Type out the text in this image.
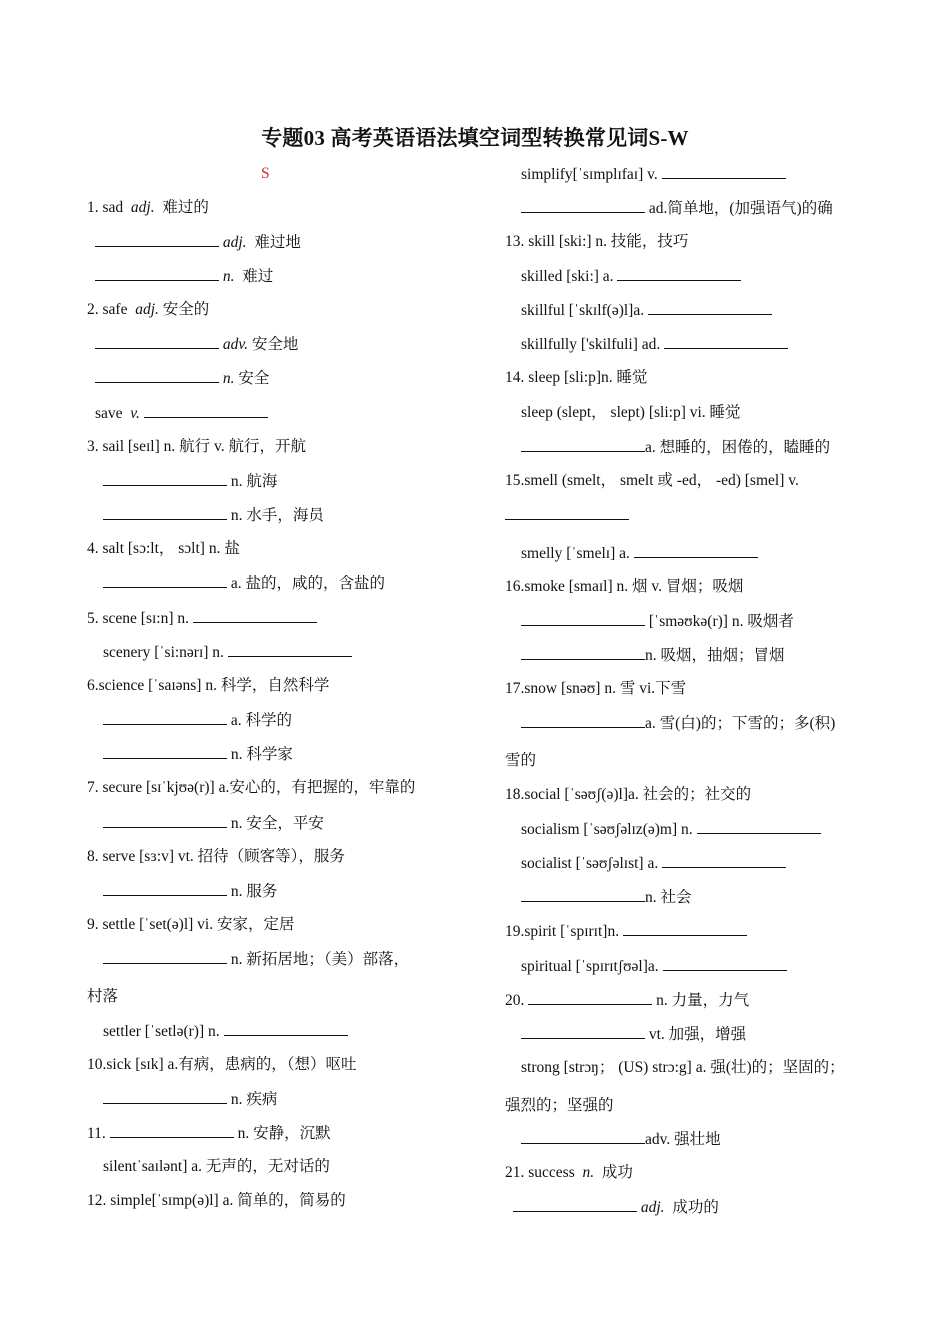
专题03 高考英语语法填空词型转换常见词S-W
S
1. sad adj. 难过的
adj. 难过地
n. 难过
2. safe adj. 安全的
adv. 安全地
n. 安全
save v.
3. sail [seɪl] n. 航行 v. 航行，开航
n. 航海
n. 水手，海员
4. salt [sɔ:lt， sɔlt] n. 盐
a. 盐的，咸的，含盐的
5. scene [sɪ:n] n.
scenery [ˈsi:nərɪ] n.
6.science [ˈsaɪəns] n. 科学，自然科学
a. 科学的
n. 科学家
7. secure [sɪˈkjʊə(r)] a.安心的，有把握的，牢靠的
n. 安全，平安
8. serve [sɜ:v] vt. 招待（顾客等），服务
n. 服务
9. settle [ˈset(ə)l] vi. 安家，定居
n. 新拓居地；（美）部落，
村落
settler [ˈsetlə(r)] n.
10.sick [sɪk] a.有病，患病的，（想）呕吐
n. 疾病
11.	n. 安静，沉默
silentˈsaɪlənt] a. 无声的，无对话的
12. simple[ˈsɪmp(ə)l] a. 简单的，简易的
simplify[ˈsɪmplɪfaɪ] v.
ad.简单地，(加强语气)的确
13. skill [ski:] n. 技能，技巧
skilled [ski:] a.
skillful [ˈskɪlf(ə)l]a.
skillfully ['skilfuli] ad.
14. sleep [sli:p]n. 睡觉
sleep (slept， slept) [sli:p] vi. 睡觉
a. 想睡的，困倦的，瞌睡的
15.smell (smelt， smelt 或 -ed， -ed) [smel] v.
smelly [ˈsmelɪ] a.
16.smoke [smaɪl] n. 烟 v. 冒烟；吸烟
[ˈsməʊkə(r)] n. 吸烟者
n. 吸烟，抽烟；冒烟
17.snow [snəʊ] n. 雪 vi.下雪
a. 雪(白)的；下雪的；多(积)
雪的
18.social [ˈsəʊʃ(ə)l]a. 社会的；社交的
socialism [ˈsəʊʃəlɪz(ə)m] n.
socialist [ˈsəʊʃəlɪst] a.
n. 社会
19.spirit [ˈspɪrɪt]n.
spiritual [ˈspɪrɪtʃʊəl]a.
20.	n. 力量，力气
vt. 加强，增强
strong [strɔŋ； (US) strɔ:g] a. 强(壮)的；坚固的；
强烈的；坚强的
adv. 强壮地
21. success n. 成功
adj. 成功的
